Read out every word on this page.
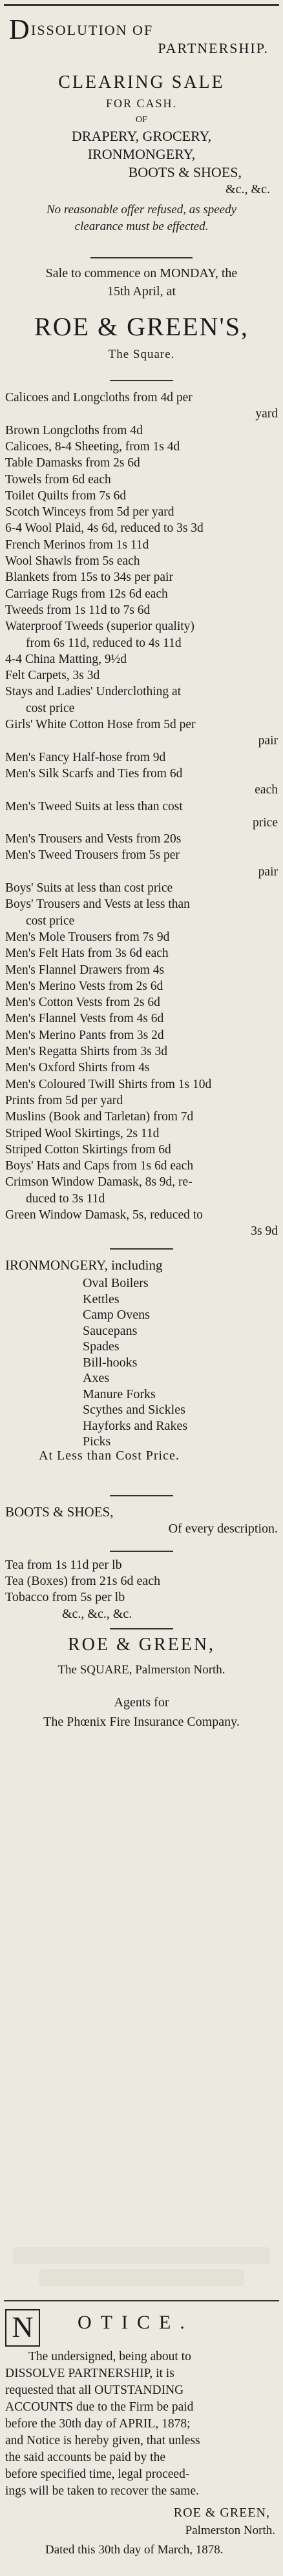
D ISSOLUTION OF
PARTNERSHIP.
CLEARING SALE
FOR CASH.
OF
DRAPERY, GROCERY,
IRONMONGERY,
BOOTS & SHOES,
&c., &c.
No reasonable offer refused, as speedy
clearance must be effected.
Sale to commence on MONDAY, the
15th April, at
ROE & GREEN'S,
The Square.
Calicoes and Longcloths from 4d per
yard
Brown Longcloths from 4d
Calicoes, 8-4 Sheeting, from 1s 4d
Table Damasks from 2s 6d
Towels from 6d each
Toilet Quilts from 7s 6d
Scotch Winceys from 5d per yard
6-4 Wool Plaid, 4s 6d, reduced to 3s 3d
French Merinos from 1s 11d
Wool Shawls from 5s each
Blankets from 15s to 34s per pair
Carriage Rugs from 12s 6d each
Tweeds from 1s 11d to 7s 6d
Waterproof Tweeds (superior quality)
from 6s 11d, reduced to 4s 11d
4-4 China Matting, 9½d
Felt Carpets, 3s 3d
Stays and Ladies' Underclothing at
cost price
Girls' White Cotton Hose from 5d per
pair
Men's Fancy Half-hose from 9d
Men's Silk Scarfs and Ties from 6d
each
Men's Tweed Suits at less than cost
price
Men's Trousers and Vests from 20s
Men's Tweed Trousers from 5s per
pair
Boys' Suits at less than cost price
Boys' Trousers and Vests at less than
cost price
Men's Mole Trousers from 7s 9d
Men's Felt Hats from 3s 6d each
Men's Flannel Drawers from 4s
Men's Merino Vests from 2s 6d
Men's Cotton Vests from 2s 6d
Men's Flannel Vests from 4s 6d
Men's Merino Pants from 3s 2d
Men's Regatta Shirts from 3s 3d
Men's Oxford Shirts from 4s
Men's Coloured Twill Shirts from 1s 10d
Prints from 5d per yard
Muslins (Book and Tarletan) from 7d
Striped Wool Skirtings, 2s 11d
Striped Cotton Skirtings from 6d
Boys' Hats and Caps from 1s 6d each
Crimson Window Damask, 8s 9d, re-
duced to 3s 11d
Green Window Damask, 5s, reduced to
3s 9d
IRONMONGERY, including
Oval Boilers
Kettles
Camp Ovens
Saucepans
Spades
Bill-hooks
Axes
Manure Forks
Scythes and Sickles
Hayforks and Rakes
Picks
At Less than Cost Price.
BOOTS & SHOES,
Of every description.
Tea from 1s 11d per lb
Tea (Boxes) from 21s 6d each
Tobacco from 5s per lb
&c., &c., &c.
ROE & GREEN,
The SQUARE, Palmerston North.
Agents for
The Phœnix Fire Insurance Company.
N OTICE.
The undersigned, being about to
DISSOLVE PARTNERSHIP, it is
requested that all OUTSTANDING
ACCOUNTS due to the Firm be paid
before the 30th day of APRIL, 1878;
and Notice is hereby given, that unless
the said accounts be paid by the
before specified time, legal proceed-
ings will be taken to recover the same.
ROE & GREEN,
Palmerston North.
Dated this 30th day of March, 1878.
